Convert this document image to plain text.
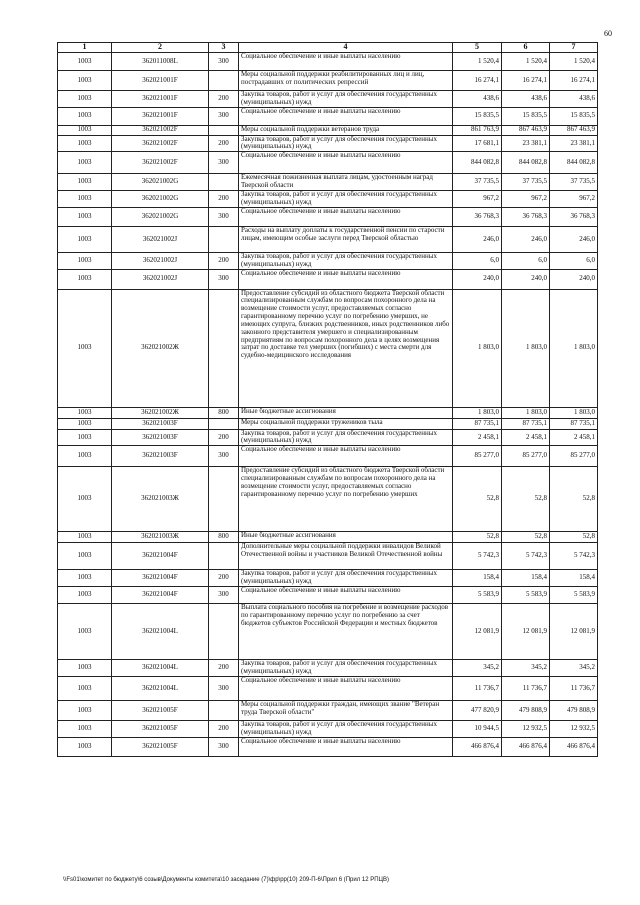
60
1	2	3	4	5	6	7
1003	362011008L	300	Социальное обеспечение и иные выплаты населению	1 520,4	1 520,4	1 520,4
1003	362021001F		Меры социальной поддержки реабилитированных лиц и лиц, пострадавших от политических репрессий	16 274,1	16 274,1	16 274,1
1003	362021001F	200	Закупка товаров, работ и услуг для обеспечения государственных (муниципальных) нужд	438,6	438,6	438,6
1003	362021001F	300	Социальное обеспечение и иные выплаты населению	15 835,5	15 835,5	15 835,5
1003	362021002F		Меры социальной поддержки ветеранов труда	861 763,9	867 463,9	867 463,9
1003	362021002F	200	Закупка товаров, работ и услуг для обеспечения государственных (муниципальных) нужд	17 681,1	23 381,1	23 381,1
1003	362021002F	300	Социальное обеспечение и иные выплаты населению	844 082,8	844 082,8	844 082,8
1003	362021002G		Ежемесячная пожизненная выплата лицам, удостоенным наград Тверской области	37 735,5	37 735,5	37 735,5
1003	362021002G	200	Закупка товаров, работ и услуг для обеспечения государственных (муниципальных) нужд	967,2	967,2	967,2
1003	362021002G	300	Социальное обеспечение и иные выплаты населению	36 768,3	36 768,3	36 768,3
1003	362021002J		Расходы на выплату доплаты к государственной пенсии по старости лицам, имеющим особые заслуги перед Тверской областью	246,0	246,0	246,0
1003	362021002J	200	Закупка товаров, работ и услуг для обеспечения государственных (муниципальных) нужд	6,0	6,0	6,0
1003	362021002J	300	Социальное обеспечение и иные выплаты населению	240,0	240,0	240,0
1003	362021002Ж		Предоставление субсидий из областного бюджета Тверской области специализированным службам по вопросам похоронного дела на возмещение стоимости услуг, предоставляемых согласно гарантированному перечню услуг по погребению умерших, не имеющих супруга, близких родственников, иных родственников либо законного представителя умершего и специализированным предприятиям по вопросам похоронного дела в целях возмещения затрат по доставке тел умерших (погибших) с места смерти для судебно-медицинского исследования	1 803,0	1 803,0	1 803,0
1003	362021002Ж	800	Иные бюджетные ассигнования	1 803,0	1 803,0	1 803,0
1003	362021003F		Меры социальной поддержки тружеников тыла	87 735,1	87 735,1	87 735,1
1003	362021003F	200	Закупка товаров, работ и услуг для обеспечения государственных (муниципальных) нужд	2 458,1	2 458,1	2 458,1
1003	362021003F	300	Социальное обеспечение и иные выплаты населению	85 277,0	85 277,0	85 277,0
1003	362021003Ж		Предоставление субсидий из областного бюджета Тверской области специализированным службам по вопросам похоронного дела на возмещение стоимости услуг, предоставляемых согласно гарантированному перечню услуг по погребению умерших	52,8	52,8	52,8
1003	362021003Ж	800	Иные бюджетные ассигнования	52,8	52,8	52,8
1003	362021004F		Дополнительные меры социальной поддержки инвалидов Великой Отечественной войны и участников Великой Отечественной войны	5 742,3	5 742,3	5 742,3
1003	362021004F	200	Закупка товаров, работ и услуг для обеспечения государственных (муниципальных) нужд	158,4	158,4	158,4
1003	362021004F	300	Социальное обеспечение и иные выплаты населению	5 583,9	5 583,9	5 583,9
1003	362021004L		Выплата социального пособия на погребение и возмещение расходов по гарантированному перечню услуг по погребению за счет бюджетов субъектов Российской Федерации и местных бюджетов	12 081,9	12 081,9	12 081,9
1003	362021004L	200	Закупка товаров, работ и услуг для обеспечения государственных (муниципальных) нужд	345,2	345,2	345,2
1003	362021004L	300	Социальное обеспечение и иные выплаты населению	11 736,7	11 736,7	11 736,7
1003	362021005F		Меры социальной поддержки граждан, имеющих звание "Ветеран труда Тверской области"	477 820,9	479 808,9	479 808,9
1003	362021005F	200	Закупка товаров, работ и услуг для обеспечения государственных (муниципальных) нужд	10 944,5	12 932,5	12 932,5
1003	362021005F	300	Социальное обеспечение и иные выплаты населению	466 876,4	466 876,4	466 876,4
\\Fs01\комитет по бюджету\6 созыв\Документы комитета\10 заседание (7)\фр\рр(10) 209-П-6\Прил 6 (Прил 12 РПЦВ)
